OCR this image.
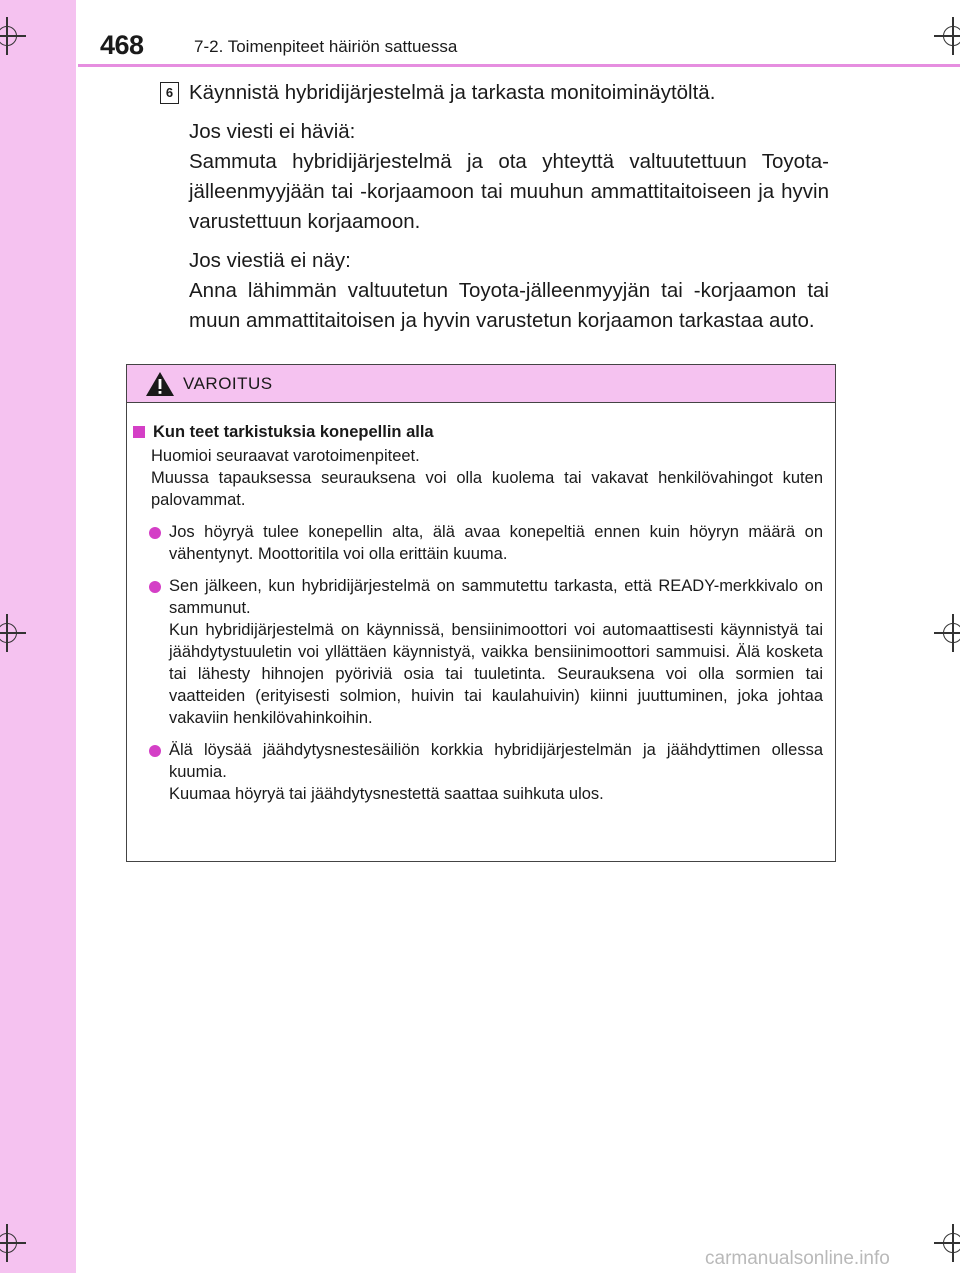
468	7-2. Toimenpiteet häiriön sattuessa
6 Käynnistä hybridijärjestelmä ja tarkasta monitoiminäytöltä.

Jos viesti ei häviä:

Sammuta hybridijärjestelmä ja ota yhteyttä valtuutettuun Toyota-jälleenmyyjään tai -korjaamoon tai muuhun ammattitaitoiseen ja hyvin varustettuun korjaamoon.

Jos viestiä ei näy:

Anna lähimmän valtuutetun Toyota-jälleenmyyjän tai -korjaamon tai muun ammattitaitoisen ja hyvin varustetun korjaamon tarkastaa auto.

VAROITUS
Kun teet tarkistuksia konepellin alla
Huomioi seuraavat varotoimenpiteet.
Muussa tapauksessa seurauksena voi olla kuolema tai vakavat henkilövahingot kuten palovammat.
Jos höyryä tulee konepellin alta, älä avaa konepeltiä ennen kuin höyryn määrä on vähentynyt. Moottoritila voi olla erittäin kuuma.
Sen jälkeen, kun hybridijärjestelmä on sammutettu tarkasta, että READY-merkkivalo on sammunut.
Kun hybridijärjestelmä on käynnissä, bensiinimoottori voi automaattisesti käynnistyä tai jäähdytystuuletin voi yllättäen käynnistyä, vaikka bensiinimoottori sammuisi. Älä kosketa tai lähesty hihnojen pyöriviä osia tai tuuletinta. Seurauksena voi olla sormien tai vaatteiden (erityisesti solmion, huivin tai kaulahuivin) kiinni juuttuminen, joka johtaa vakaviin henkilövahinkoihin.
Älä löysää jäähdytysnestesäiliön korkkia hybridijärjestelmän ja jäähdyttimen ollessa kuumia.
Kuumaa höyryä tai jäähdytysnestettä saattaa suihkuta ulos.
carmanualsonline.info
